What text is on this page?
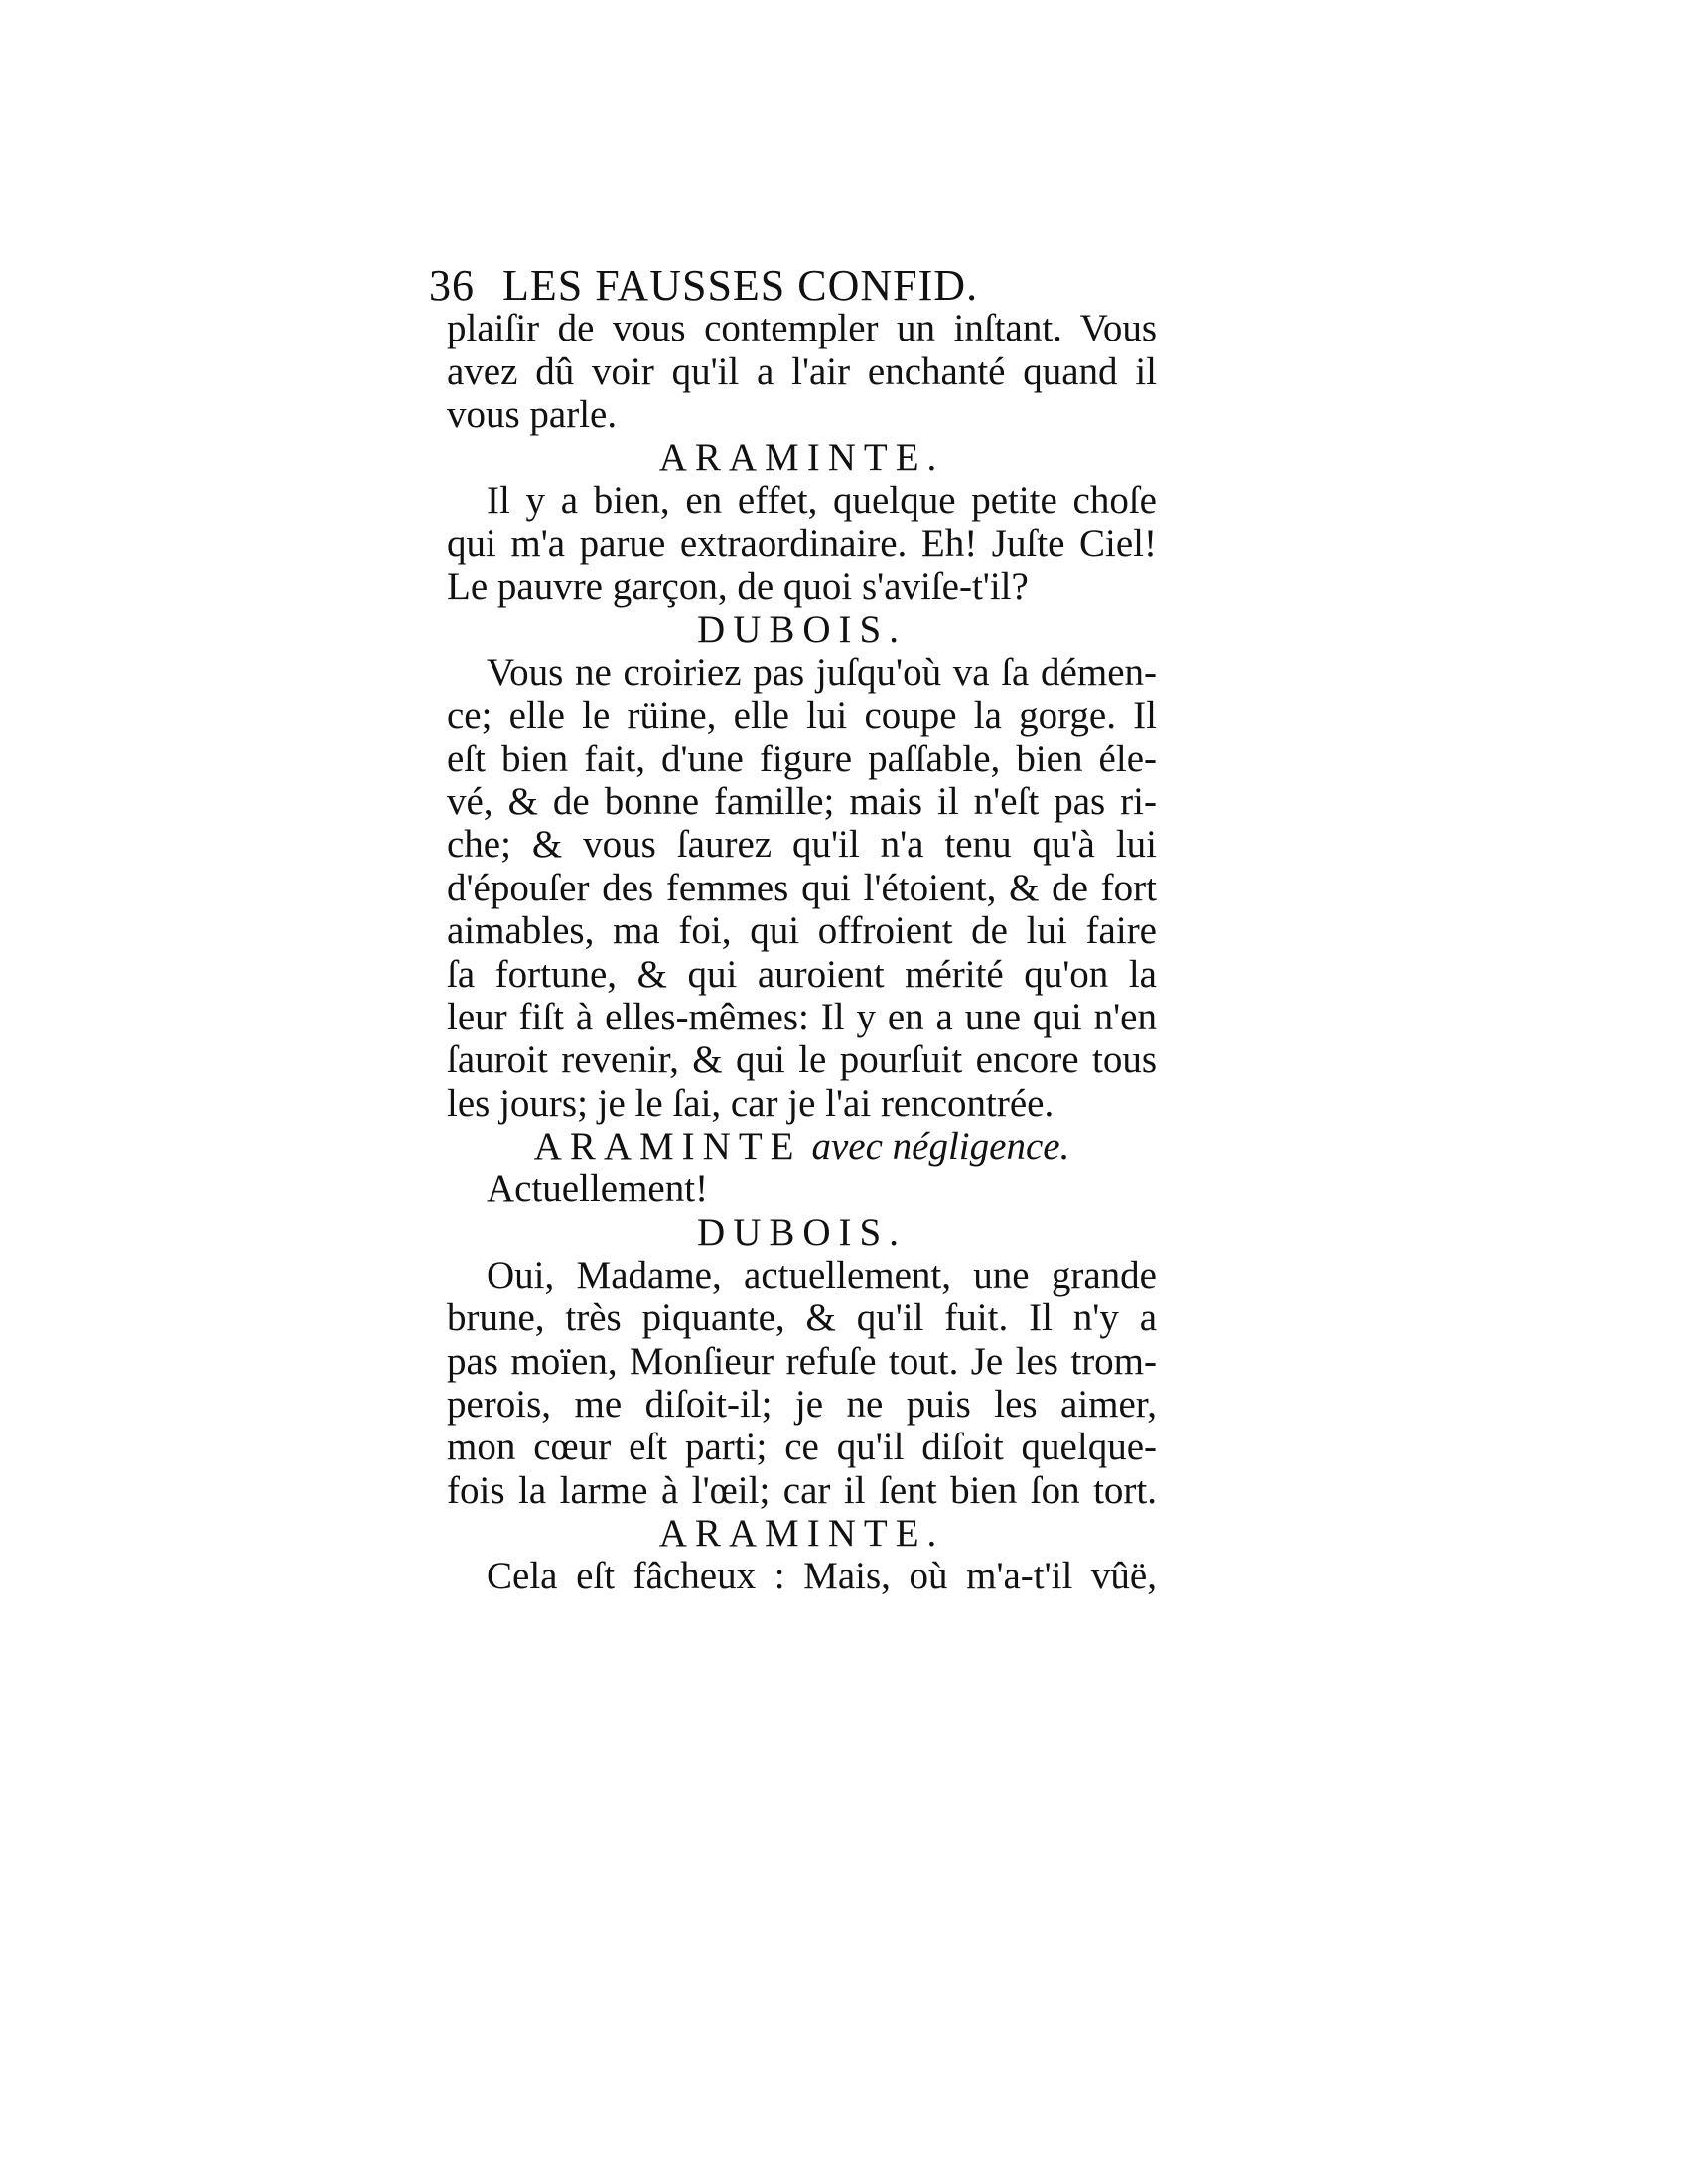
36 LES FAUSSES CONFID.
plaiſir de vous contempler un inſtant. Vous
avez dû voir qu'il a l'air enchanté quand il
vous parle.
ARAMINTE.
Il y a bien, en effet, quelque petite choſe
qui m'a parue extraordinaire. Eh! Juſte Ciel!
Le pauvre garçon, de quoi s'aviſe-t'il?
DUBOIS.
Vous ne croiriez pas juſqu'où va ſa démen-
ce; elle le rüine, elle lui coupe la gorge. Il
eſt bien fait, d'une figure paſſable, bien éle-
vé, & de bonne famille; mais il n'eſt pas ri-
che; & vous ſaurez qu'il n'a tenu qu'à lui
d'épouſer des femmes qui l'étoient, & de fort
aimables, ma foi, qui offroient de lui faire
ſa fortune, & qui auroient mérité qu'on la
leur fiſt à elles-mêmes: Il y en a une qui n'en
ſauroit revenir, & qui le pourſuit encore tous
les jours; je le ſai, car je l'ai rencontrée.
ARAMINTE avec négligence.
Actuellement!
DUBOIS.
Oui, Madame, actuellement, une grande
brune, très piquante, & qu'il fuit. Il n'y a
pas moïen, Monſieur refuſe tout. Je les trom-
perois, me diſoit-il; je ne puis les aimer,
mon cœur eſt parti; ce qu'il diſoit quelque-
fois la larme à l'œil; car il ſent bien ſon tort.
ARAMINTE.
Cela eſt fâcheux : Mais, où m'a-t'il vûë,
